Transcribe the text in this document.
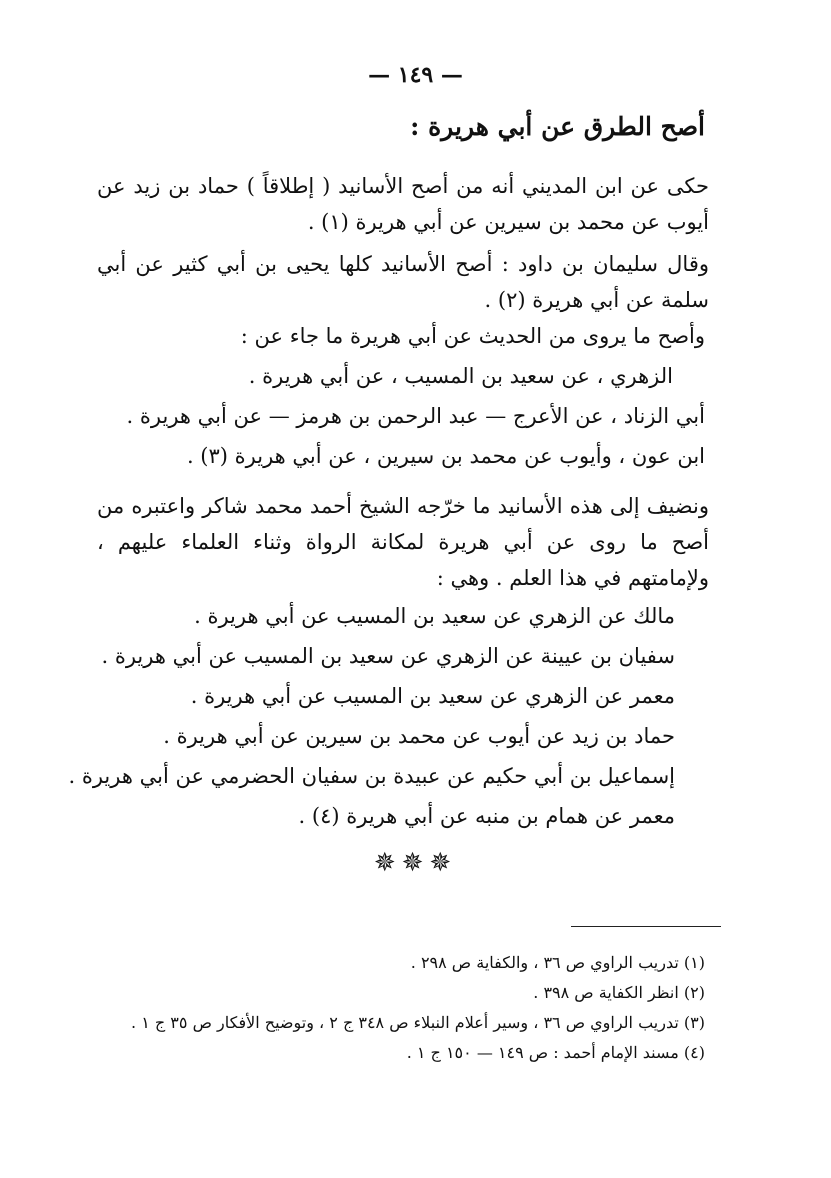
— ١٤٩ —
أصح الطرق عن أبي هريرة :
حكى عن ابن المديني أنه من أصح الأسانيد ( إطلاقاً ) حماد بن زيد عن أيوب عن محمد بن سيرين عن أبي هريرة (١) .
وقال سليمان بن داود : أصح الأسانيد كلها يحيى بن أبي كثير عن أبي سلمة عن أبي هريرة (٢) .
وأصح ما يروى من الحديث عن أبي هريرة ما جاء عن :
الزهري ، عن سعيد بن المسيب ، عن أبي هريرة .
أبي الزناد ، عن الأعرج — عبد الرحمن بن هرمز — عن أبي هريرة .
ابن عون ، وأيوب عن محمد بن سيرين ، عن أبي هريرة (٣) .
ونضيف إلى هذه الأسانيد ما خرّجه الشيخ أحمد محمد شاكر واعتبره من أصح ما روى عن أبي هريرة لمكانة الرواة وثناء العلماء عليهم ، ولإمامتهم في هذا العلم . وهي :
مالك عن الزهري عن سعيد بن المسيب عن أبي هريرة .
سفيان بن عيينة عن الزهري عن سعيد بن المسيب عن أبي هريرة .
معمر عن الزهري عن سعيد بن المسيب عن أبي هريرة .
حماد بن زيد عن أيوب عن محمد بن سيرين عن أبي هريرة .
إسماعيل بن أبي حكيم عن عبيدة بن سفيان الحضرمي عن أبي هريرة .
معمر عن همام بن منبه عن أبي هريرة (٤) .
✵✵✵
(١) تدريب الراوي ص ٣٦ ، والكفاية ص ٢٩٨ .
(٢) انظر الكفاية ص ٣٩٨ .
(٣) تدريب الراوي ص ٣٦ ، وسير أعلام النبلاء ص ٣٤٨ ج ٢ ، وتوضيح الأفكار ص ٣٥ ج ١ .
(٤) مسند الإمام أحمد : ص ١٤٩ — ١٥٠ ج ١ .
